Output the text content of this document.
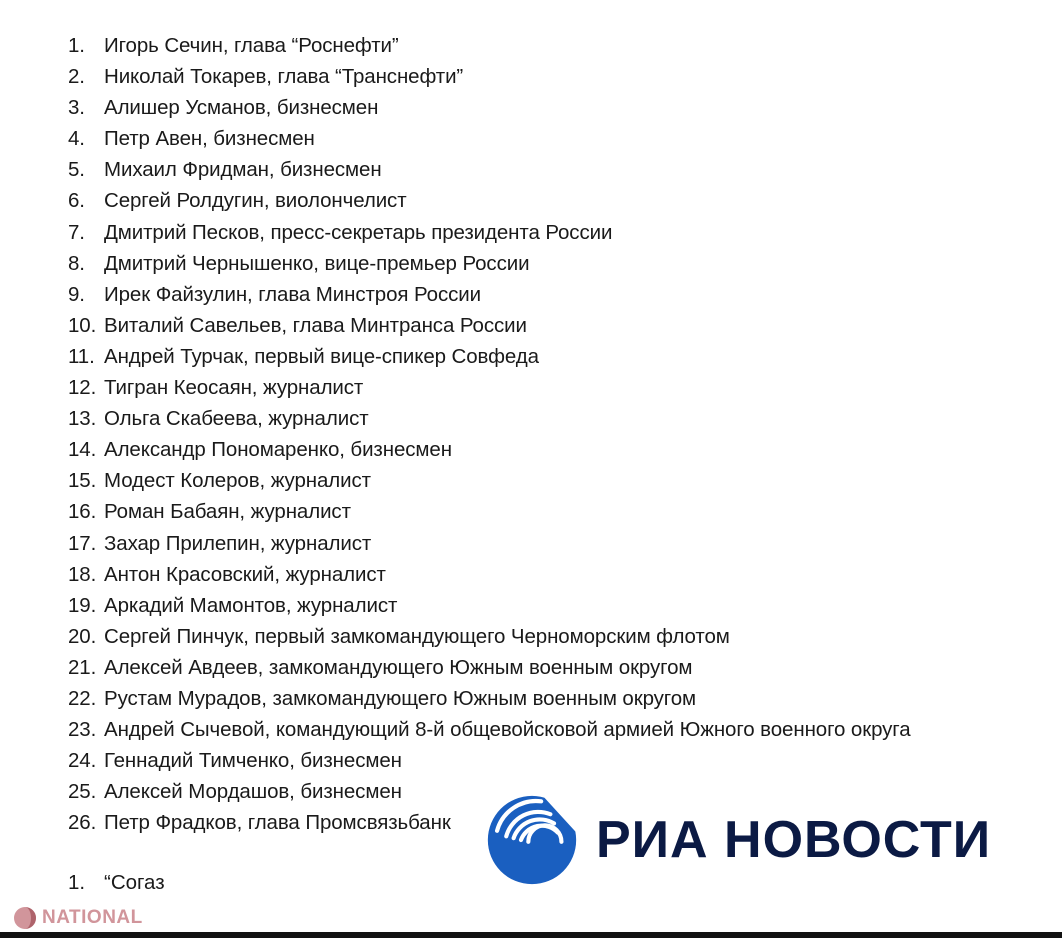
1. Игорь Сечин, глава “Роснефти”
2. Николай Токарев, глава “Транснефти”
3. Алишер Усманов, бизнесмен
4. Петр Авен, бизнесмен
5. Михаил Фридман, бизнесмен
6. Сергей Ролдугин, виолончелист
7. Дмитрий Песков, пресс-секретарь президента России
8. Дмитрий Чернышенко, вице-премьер России
9. Ирек Файзулин, глава Минстроя России
10. Виталий Савельев, глава Минтранса России
11. Андрей Турчак, первый вице-спикер Совфеда
12. Тигран Кеосаян, журналист
13. Ольга Скабеева, журналист
14. Александр Пономаренко, бизнесмен
15. Модест Колеров, журналист
16. Роман Бабаян, журналист
17. Захар Прилепин, журналист
18. Антон Красовский, журналист
19. Аркадий Мамонтов, журналист
20. Сергей Пинчук, первый замкомандующего Черноморским флотом
21. Алексей Авдеев, замкомандующего Южным военным округом
22. Рустам Мурадов, замкомандующего Южным военным округом
23. Андрей Сычевой, командующий 8-й общевойсковой армией Южного военного округа
24. Геннадий Тимченко, бизнесмен
25. Алексей Мордашов, бизнесмен
26. Петр Фрадков, глава Промсвязьбанк
1. “Согаз
РИА НОВОСТИ
NATIONAL
